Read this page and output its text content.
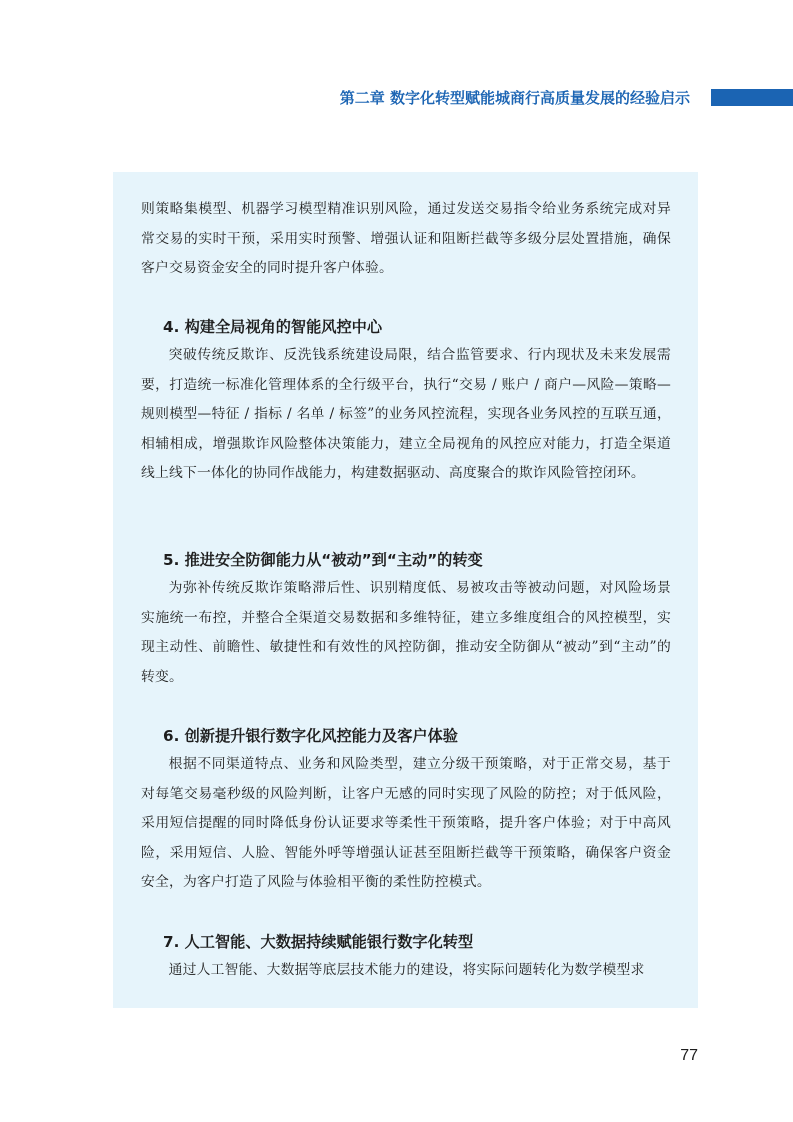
第二章 数字化转型赋能城商行高质量发展的经验启示

则策略集模型、机器学习模型精准识别风险，通过发送交易指令给业务系统完成对异常交易的实时干预，采用实时预警、增强认证和阻断拦截等多级分层处置措施，确保客户交易资金安全的同时提升客户体验。

4. 构建全局视角的智能风控中心

突破传统反欺诈、反洗钱系统建设局限，结合监管要求、行内现状及未来发展需要，打造统一标准化管理体系的全行级平台，执行“交易 / 账户 / 商户—风险—策略—规则模型—特征 / 指标 / 名单 / 标签”的业务风控流程，实现各业务风控的互联互通，相辅相成，增强欺诈风险整体决策能力，建立全局视角的风控应对能力，打造全渠道线上线下一体化的协同作战能力，构建数据驱动、高度聚合的欺诈风险管控闭环。

5. 推进安全防御能力从“被动”到“主动”的转变

为弥补传统反欺诈策略滞后性、识别精度低、易被攻击等被动问题，对风险场景实施统一布控，并整合全渠道交易数据和多维特征，建立多维度组合的风控模型，实现主动性、前瞻性、敏捷性和有效性的风控防御，推动安全防御从“被动”到“主动”的转变。

6. 创新提升银行数字化风控能力及客户体验

根据不同渠道特点、业务和风险类型，建立分级干预策略，对于正常交易，基于对每笔交易毫秒级的风险判断，让客户无感的同时实现了风险的防控；对于低风险，采用短信提醒的同时降低身份认证要求等柔性干预策略，提升客户体验；对于中高风险，采用短信、人脸、智能外呼等增强认证甚至阻断拦截等干预策略，确保客户资金安全，为客户打造了风险与体验相平衡的柔性防控模式。

7. 人工智能、大数据持续赋能银行数字化转型

通过人工智能、大数据等底层技术能力的建设，将实际问题转化为数学模型求

77
